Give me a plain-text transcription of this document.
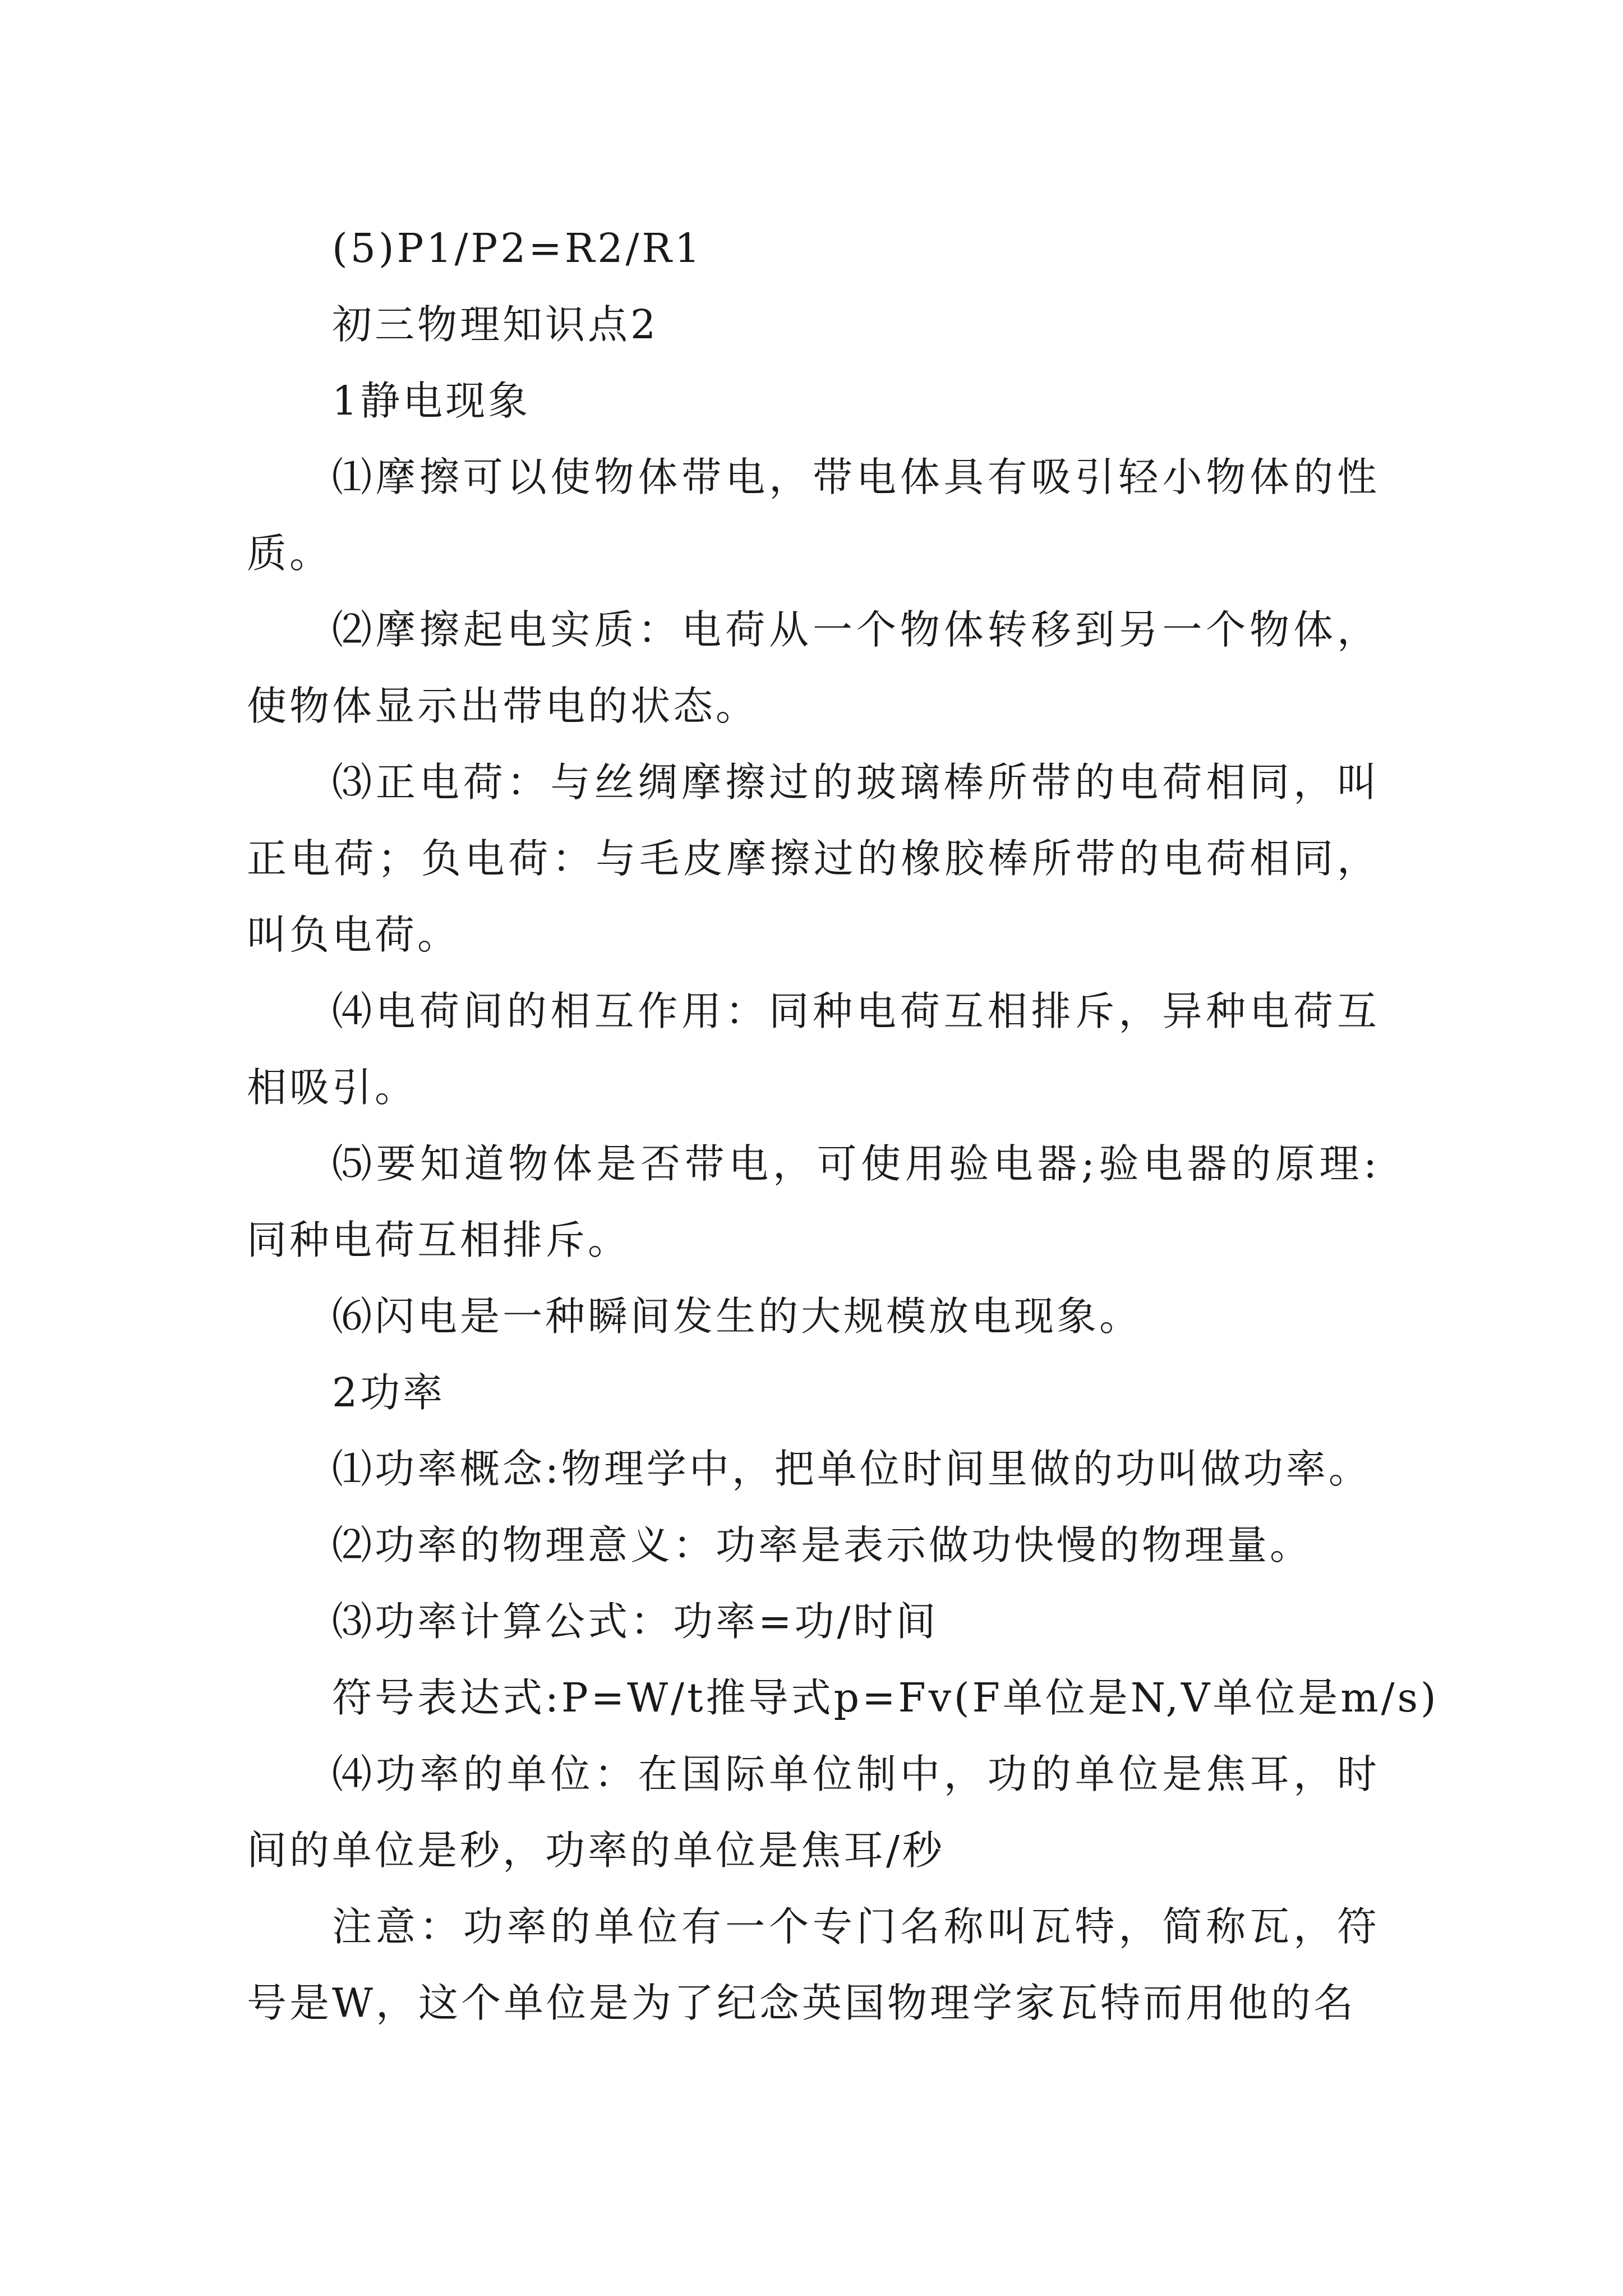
(5)P1/P2=R2/R1

初三物理知识点2

1静电现象

⑴摩擦可以使物体带电，带电体具有吸引轻小物体的性质。

⑵摩擦起电实质：电荷从一个物体转移到另一个物体，使物体显示出带电的状态。

⑶正电荷：与丝绸摩擦过的玻璃棒所带的电荷相同，叫正电荷；负电荷：与毛皮摩擦过的橡胶棒所带的电荷相同，叫负电荷。

⑷电荷间的相互作用：同种电荷互相排斥，异种电荷互相吸引。

⑸要知道物体是否带电，可使用验电器;验电器的原理:同种电荷互相排斥。

⑹闪电是一种瞬间发生的大规模放电现象。

2功率

⑴功率概念:物理学中，把单位时间里做的功叫做功率。

⑵功率的物理意义：功率是表示做功快慢的物理量。

⑶功率计算公式：功率=功/时间

符号表达式:P=W/t推导式p=Fv(F单位是N,V单位是m/s)

⑷功率的单位：在国际单位制中，功的单位是焦耳，时间的单位是秒，功率的单位是焦耳/秒

注意：功率的单位有一个专门名称叫瓦特，简称瓦，符号是W，这个单位是为了纪念英国物理学家瓦特而用他的名
